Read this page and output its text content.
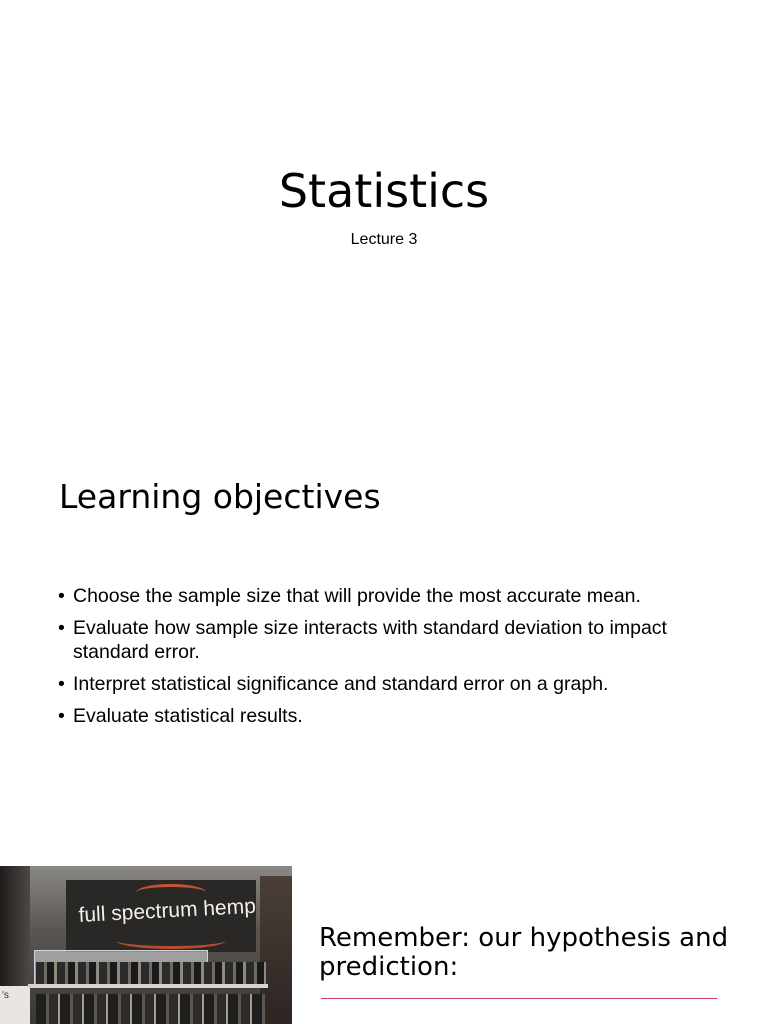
Statistics
Lecture 3
Learning objectives
• Choose the sample size that will provide the most accurate mean.
• Evaluate how sample size interacts with standard deviation to impact standard error.
• Interpret statistical significance and standard error on a graph.
• Evaluate statistical results.
's
full spectrum hemp
Remember: our hypothesis and prediction:
